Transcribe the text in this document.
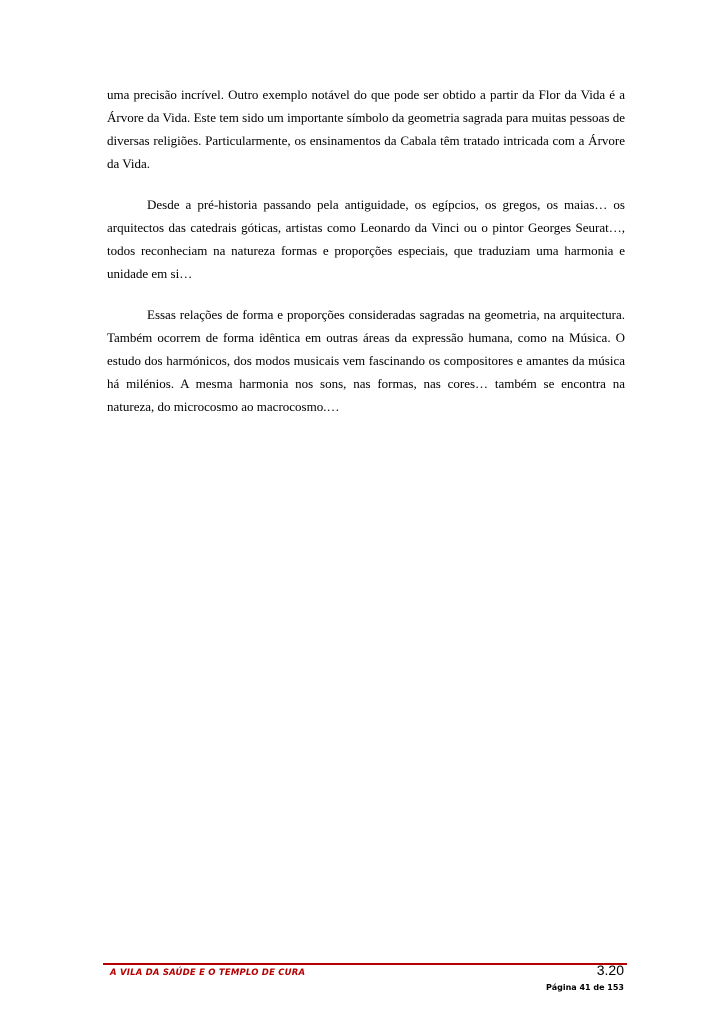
uma precisão incrível. Outro exemplo notável do que pode ser obtido a partir da Flor da Vida é a Árvore da Vida. Este tem sido um importante símbolo da geometria sagrada para muitas pessoas de diversas religiões. Particularmente, os ensinamentos da Cabala têm tratado intricada com a Árvore da Vida.

Desde a pré-historia passando pela antiguidade, os egípcios, os gregos, os maias… os arquitectos das catedrais góticas, artistas como Leonardo da Vinci ou o pintor Georges Seurat…, todos reconheciam na natureza formas e proporções especiais, que traduziam uma harmonia e unidade em si…

Essas relações de forma e proporções consideradas sagradas na geometria, na arquitectura. Também ocorrem de forma idêntica em outras áreas da expressão humana, como na Música. O estudo dos harmónicos, dos modos musicais vem fascinando os compositores e amantes da música há milénios. A mesma harmonia nos sons, nas formas, nas cores… também se encontra na natureza, do microcosmo ao macrocosmo.…

A VILA DA SAÚDE E O TEMPLO DE CURA	3.20
Página 41 de 153
